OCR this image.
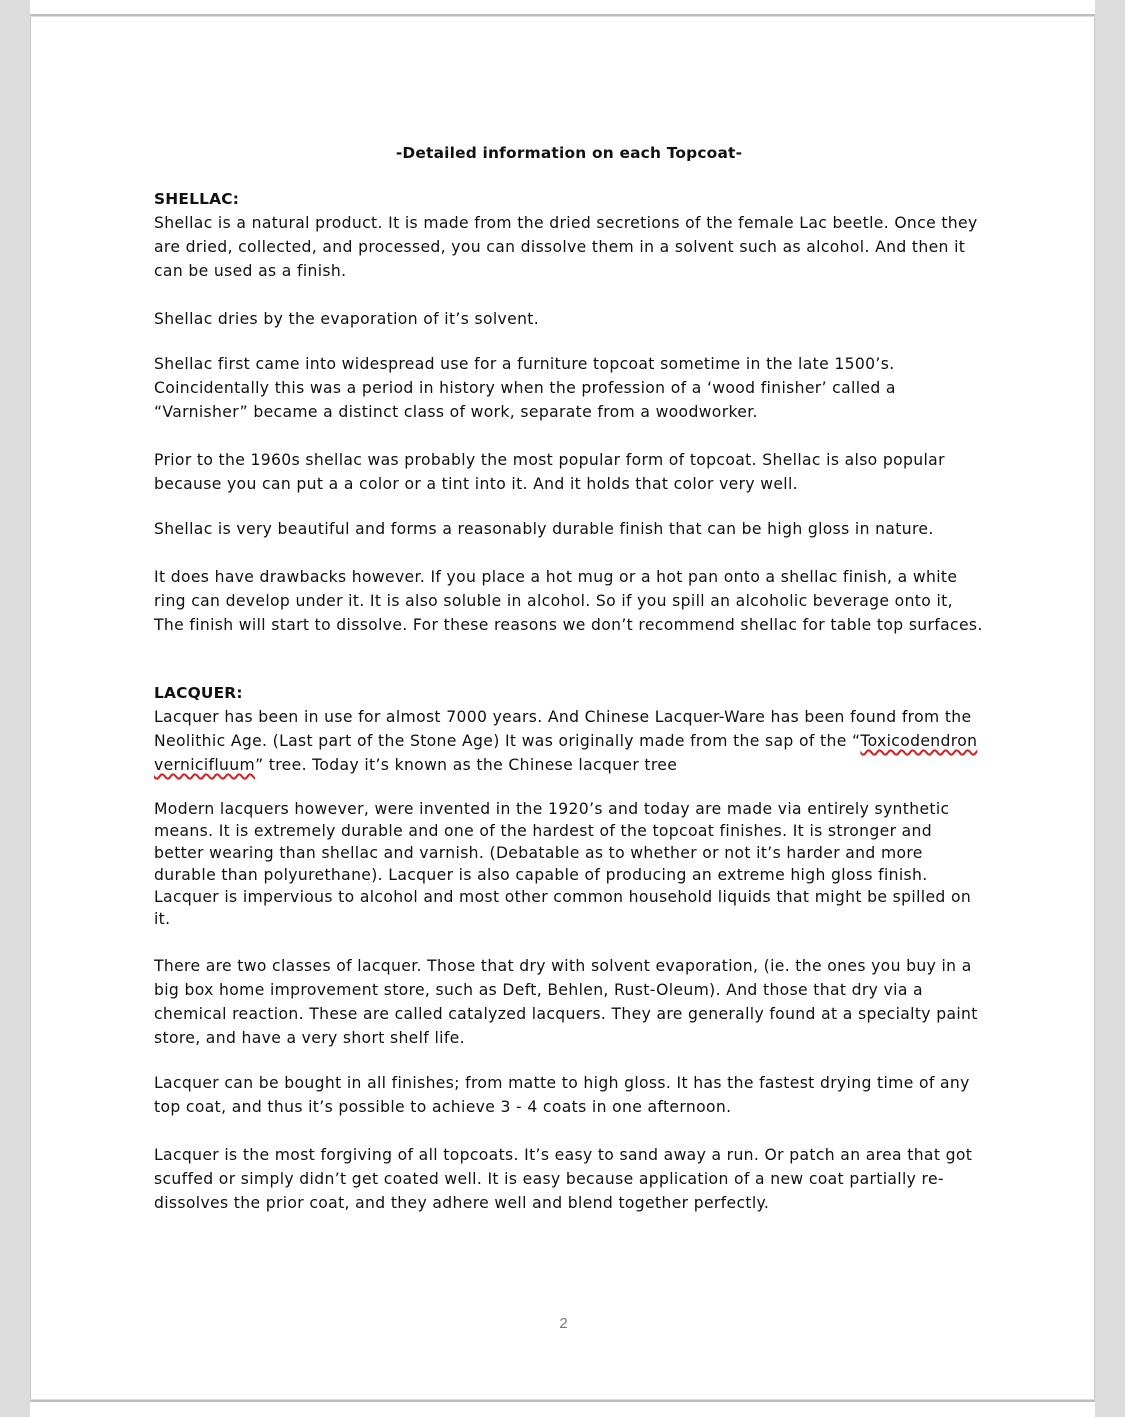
-Detailed information on each Topcoat-

SHELLAC:

Shellac is a natural product. It is made from the dried secretions of the female Lac beetle. Once they are dried, collected, and processed, you can dissolve them in a solvent such as alcohol. And then it can be used as a finish.

Shellac dries by the evaporation of it’s solvent.

Shellac first came into widespread use for a furniture topcoat sometime in the late 1500’s. Coincidentally this was a period in history when the profession of a ‘wood finisher’ called a “Varnisher” became a distinct class of work, separate from a woodworker.

Prior to the 1960s shellac was probably the most popular form of topcoat. Shellac is also popular because you can put a a color or a tint into it. And it holds that color very well.

Shellac is very beautiful and forms a reasonably durable finish that can be high gloss in nature.

It does have drawbacks however. If you place a hot mug or a hot pan onto a shellac finish, a white ring can develop under it. It is also soluble in alcohol. So if you spill an alcoholic beverage onto it, The finish will start to dissolve. For these reasons we don’t recommend shellac for table top surfaces.

LACQUER:

Lacquer has been in use for almost 7000 years. And Chinese Lacquer-Ware has been found from the Neolithic Age. (Last part of the Stone Age) It was originally made from the sap of the “Toxicodendron vernicifluum” tree. Today it’s known as the Chinese lacquer tree

Modern lacquers however, were invented in the 1920’s and today are made via entirely synthetic means. It is extremely durable and one of the hardest of the topcoat finishes. It is stronger and better wearing than shellac and varnish. (Debatable as to whether or not it’s harder and more durable than polyurethane). Lacquer is also capable of producing an extreme high gloss finish. Lacquer is impervious to alcohol and most other common household liquids that might be spilled on it.

There are two classes of lacquer. Those that dry with solvent evaporation, (ie. the ones you buy in a big box home improvement store, such as Deft, Behlen, Rust-Oleum). And those that dry via a chemical reaction. These are called catalyzed lacquers. They are generally found at a specialty paint store, and have a very short shelf life.

Lacquer can be bought in all finishes; from matte to high gloss. It has the fastest drying time of any top coat, and thus it’s possible to achieve 3 - 4 coats in one afternoon.

Lacquer is the most forgiving of all topcoats. It’s easy to sand away a run. Or patch an area that got scuffed or simply didn’t get coated well. It is easy because application of a new coat partially re-dissolves the prior coat, and they adhere well and blend together perfectly.

2
